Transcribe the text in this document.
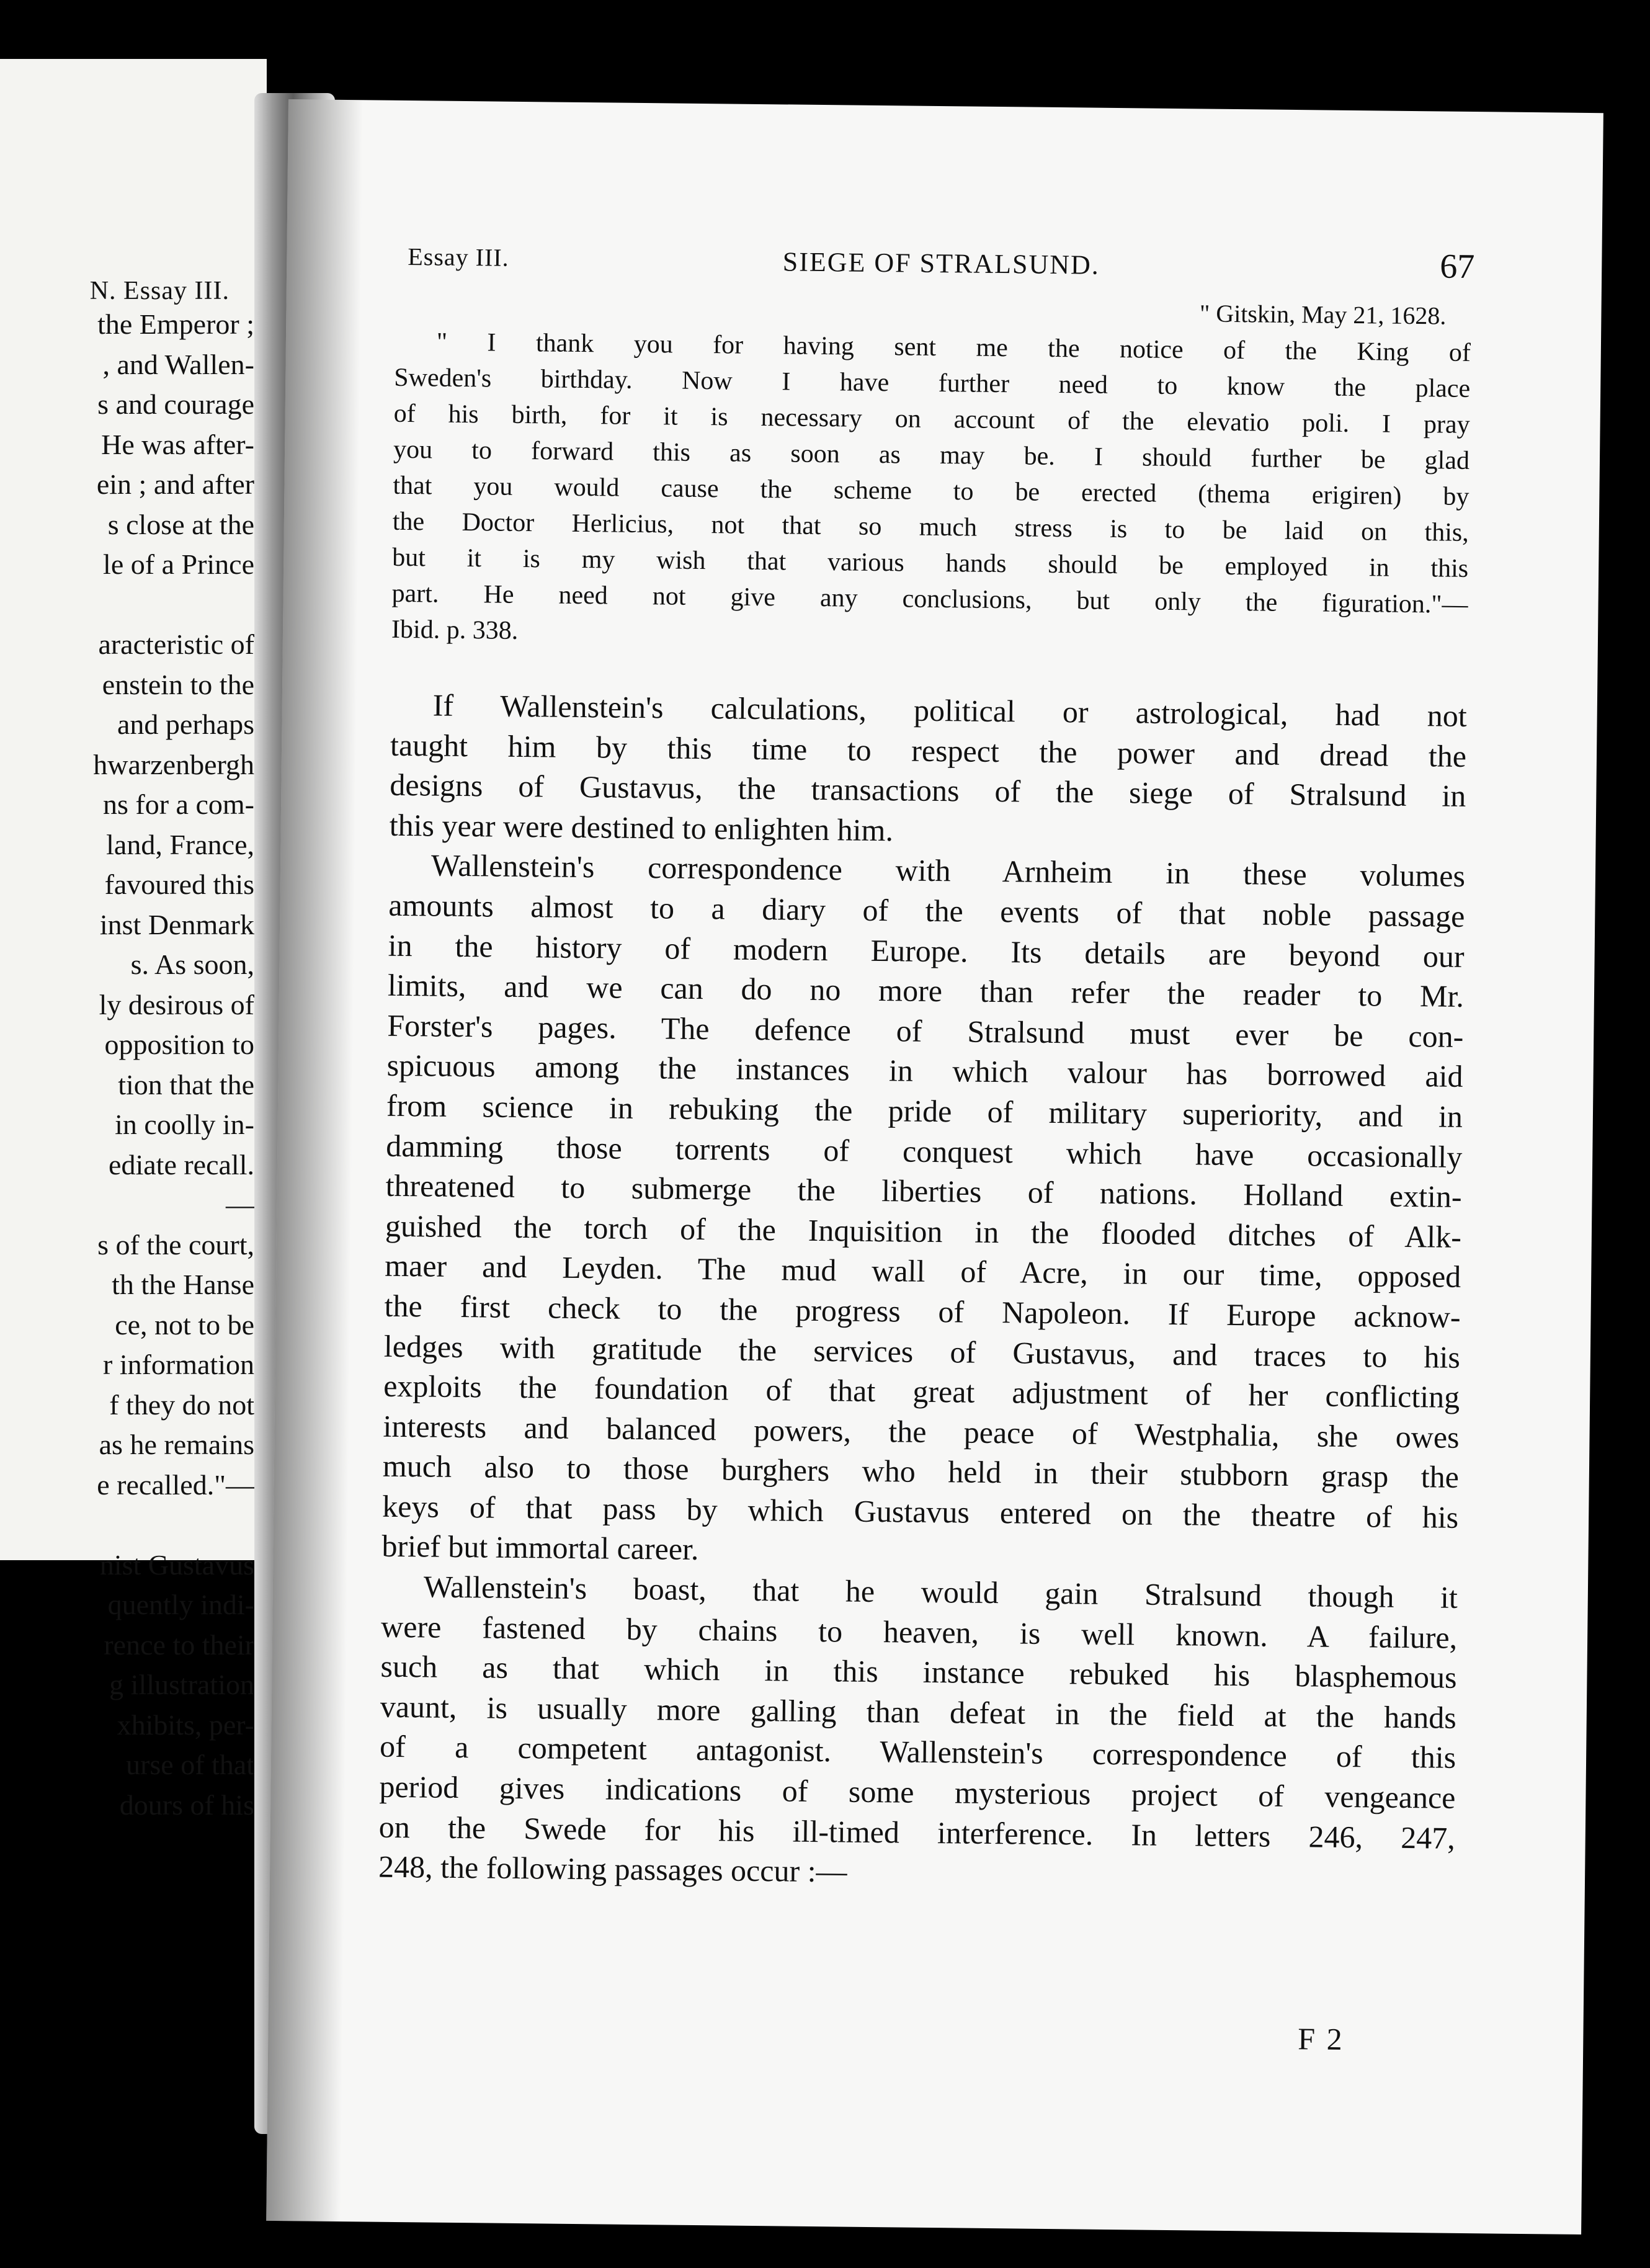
N. Essay III.
the Emperor ;
, and Wallen-
s and courage
He was after-
ein ; and after
s close at the
le of a Prince
aracteristic of
enstein to the
and perhaps
hwarzenbergh
ns for a com-
land, France,
favoured this
inst Denmark
s. As soon,
ly desirous of
opposition to
tion that the
in coolly in-
ediate recall.
—
s of the court,
th the Hanse
ce, not to be
r information
f they do not
as he remains
e recalled."—
nist Gustavus
quently indi-
rence to their
g illustration
xhibits, per-
urse of that
dours of his
Essay III.	SIEGE OF STRALSUND.	67
" Gitskin, May 21, 1628.
" I thank you for having sent me the notice of the King of
Sweden's birthday. Now I have further need to know the place
of his birth, for it is necessary on account of the elevatio poli. I pray
you to forward this as soon as may be. I should further be glad
that you would cause the scheme to be erected (thema erigiren) by
the Doctor Herlicius, not that so much stress is to be laid on this,
but it is my wish that various hands should be employed in this
part. He need not give any conclusions, but only the figuration."—
Ibid. p. 338.
If Wallenstein's calculations, political or astrological, had not
taught him by this time to respect the power and dread the
designs of Gustavus, the transactions of the siege of Stralsund in
this year were destined to enlighten him.
Wallenstein's correspondence with Arnheim in these volumes
amounts almost to a diary of the events of that noble passage
in the history of modern Europe. Its details are beyond our
limits, and we can do no more than refer the reader to Mr.
Forster's pages. The defence of Stralsund must ever be con-
spicuous among the instances in which valour has borrowed aid
from science in rebuking the pride of military superiority, and in
damming those torrents of conquest which have occasionally
threatened to submerge the liberties of nations. Holland extin-
guished the torch of the Inquisition in the flooded ditches of Alk-
maer and Leyden. The mud wall of Acre, in our time, opposed
the first check to the progress of Napoleon. If Europe acknow-
ledges with gratitude the services of Gustavus, and traces to his
exploits the foundation of that great adjustment of her conflicting
interests and balanced powers, the peace of Westphalia, she owes
much also to those burghers who held in their stubborn grasp the
keys of that pass by which Gustavus entered on the theatre of his
brief but immortal career.
Wallenstein's boast, that he would gain Stralsund though it
were fastened by chains to heaven, is well known. A failure,
such as that which in this instance rebuked his blasphemous
vaunt, is usually more galling than defeat in the field at the hands
of a competent antagonist. Wallenstein's correspondence of this
period gives indications of some mysterious project of vengeance
on the Swede for his ill-timed interference. In letters 246, 247,
248, the following passages occur :—
F 2
